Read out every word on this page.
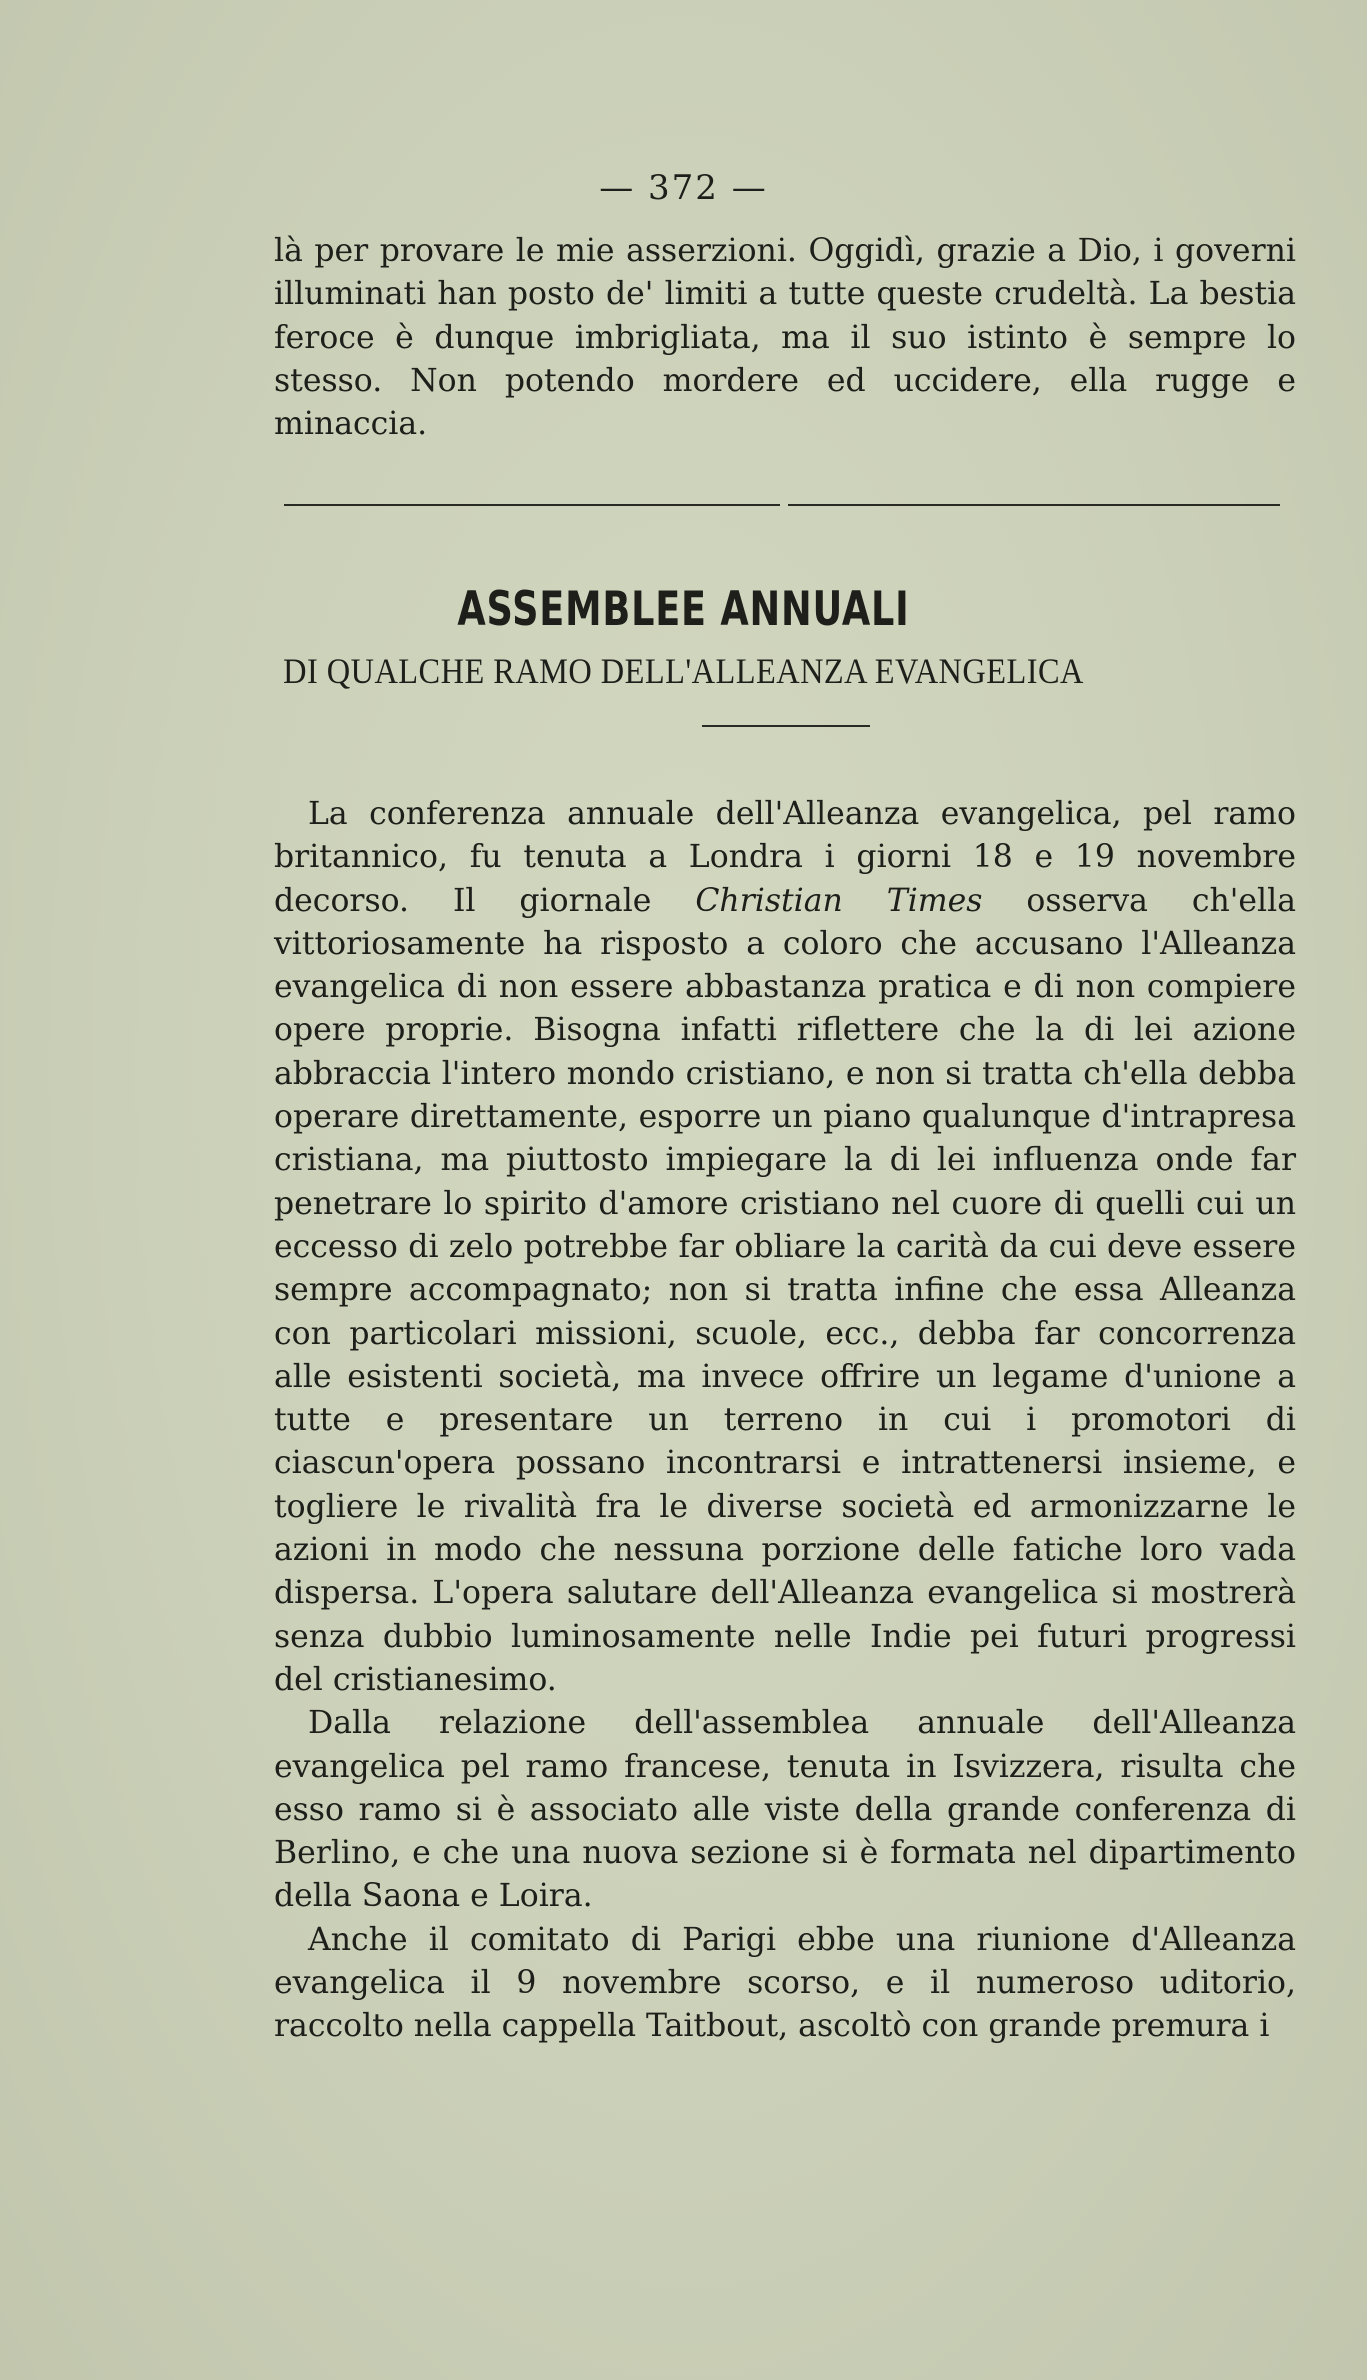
— 372 —

là per provare le mie asserzioni. Oggidì, grazie a Dio, i governi illuminati han posto de' limiti a tutte queste crudeltà. La bestia feroce è dunque imbrigliata, ma il suo istinto è sempre lo stesso. Non potendo mordere ed uccidere, ella rugge e minaccia.

ASSEMBLEE ANNUALI
DI QUALCHE RAMO DELL'ALLEANZA EVANGELICA

La conferenza annuale dell'Alleanza evangelica, pel ramo britannico, fu tenuta a Londra i giorni 18 e 19 novembre decorso. Il giornale Christian Times osserva ch'ella vittoriosamente ha risposto a coloro che accusano l'Alleanza evangelica di non essere abbastanza pratica e di non compiere opere proprie. Bisogna infatti riflettere che la di lei azione abbraccia l'intero mondo cristiano, e non si tratta ch'ella debba operare direttamente, esporre un piano qualunque d'intrapresa cristiana, ma piuttosto impiegare la di lei influenza onde far penetrare lo spirito d'amore cristiano nel cuore di quelli cui un eccesso di zelo potrebbe far obliare la carità da cui deve essere sempre accompagnato; non si tratta infine che essa Alleanza con particolari missioni, scuole, ecc., debba far concorrenza alle esistenti società, ma invece offrire un legame d'unione a tutte e presentare un terreno in cui i promotori di ciascun'opera possano incontrarsi e intrattenersi insieme, e togliere le rivalità fra le diverse società ed armonizzarne le azioni in modo che nessuna porzione delle fatiche loro vada dispersa. L'opera salutare dell'Alleanza evangelica si mostrerà senza dubbio luminosamente nelle Indie pei futuri progressi del cristianesimo.

Dalla relazione dell'assemblea annuale dell'Alleanza evangelica pel ramo francese, tenuta in Isvizzera, risulta che esso ramo si è associato alle viste della grande conferenza di Berlino, e che una nuova sezione si è formata nel dipartimento della Saona e Loira.

Anche il comitato di Parigi ebbe una riunione d'Alleanza evangelica il 9 novembre scorso, e il numeroso uditorio, raccolto nella cappella Taitbout, ascoltò con grande premura i
